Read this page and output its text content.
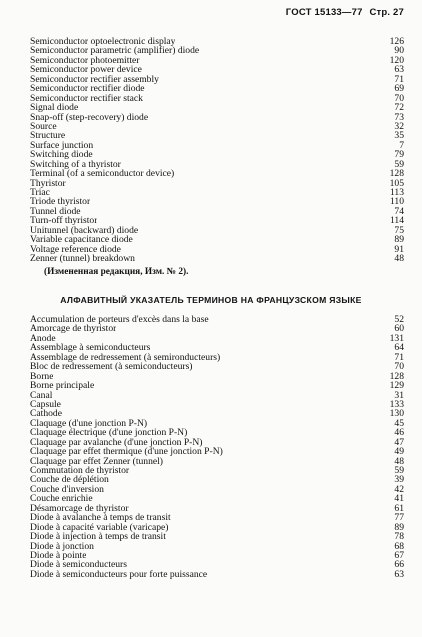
ГОСТ 15133—77 Стр. 27
Semiconductor optoelectronic display	126
Semiconductor parametric (amplifier) diode	90
Semiconductor photoemitter	120
Semiconductor power device	63
Semiconductor rectifier assembly	71
Semiconductor rectifier diode	69
Semiconductor rectifier stack	70
Signal diode	72
Snap-off (step-recovery) diode	73
Source	32
Structure	35
Surface junction	7
Switching diode	79
Switching of a thyristor	59
Terminal (of a semiconductor device)	128
Thyristor	105
Triac	113
Triode thyristor	110
Tunnel diode	74
Turn-off thyristor	114
Unitunnel (backward) diode	75
Variable capacitance diode	89
Voltage reference diode	91
Zenner (tunnel) breakdown	48
(Измененная редакция, Изм. № 2).
АЛФАВИТНЫЙ УКАЗАТЕЛЬ ТЕРМИНОВ НА ФРАНЦУЗСКОМ ЯЗЫКЕ
Accumulation de porteurs d'excès dans la base	52
Amorcage de thyristor	60
Anode	131
Assemblage à semiconducteurs	64
Assemblage de redressement (à semironducteurs)	71
Bloc de redressement (à semiconducteurs)	70
Borne	128
Borne principale	129
Canal	31
Capsule	133
Cathode	130
Claquage (d'une jonction P-N)	45
Claquage électrique (d'une jonction P-N)	46
Claquage par avalanche (d'une jonction P-N)	47
Claquage par effet thermique (d'une jonction P-N)	49
Claquage par effet Zenner (tunnel)	48
Commutation de thyristor	59
Couche de déplétion	39
Couche d'inversion	42
Couche enrichie	41
Désamorcage de thyristor	61
Diode à avalanche à temps de transit	77
Diode à capacité variable (varicape)	89
Diode à injection à temps de transit	78
Diode à jonction	68
Diode à pointe	67
Diode à semiconducteurs	66
Diode à semiconducteurs pour forte puissance	63
